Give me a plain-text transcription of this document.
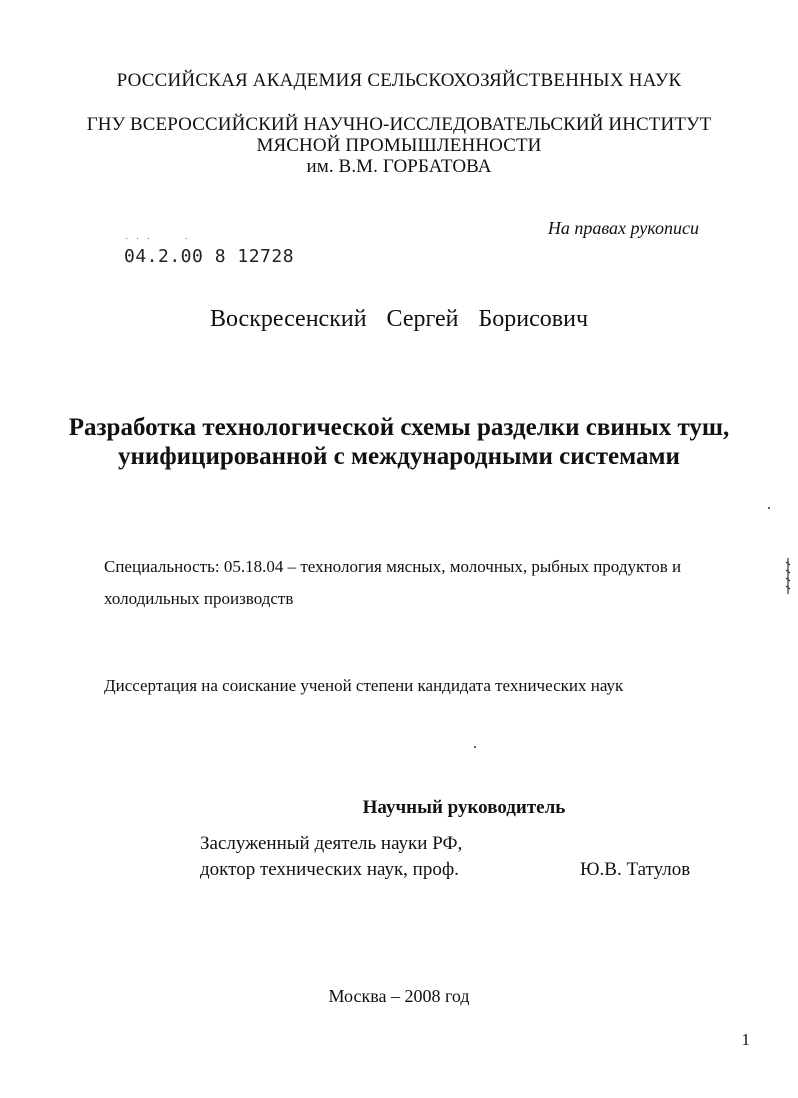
РОССИЙСКАЯ АКАДЕМИЯ СЕЛЬСКОХОЗЯЙСТВЕННЫХ НАУК
ГНУ ВСЕРОССИЙСКИЙ НАУЧНО-ИССЛЕДОВАТЕЛЬСКИЙ ИНСТИТУТ
МЯСНОЙ ПРОМЫШЛЕННОСТИ
им. В.М. ГОРБАТОВА
На правах рукописи
˙ ˙ ˙      ˙
04.2.00 8 12728
Воскресенский Сергей Борисович
Разработка технологической схемы разделки свиных туш,
унифицированной с международными системами
Специальность: 05.18.04 – технология мясных, молочных, рыбных продуктов и холодильных производств
Диссертация на соискание ученой степени кандидата технических наук
Научный руководитель
Заслуженный деятель науки РФ,
доктор технических наук, проф.	Ю.В. Татулов
Москва – 2008 год
1
